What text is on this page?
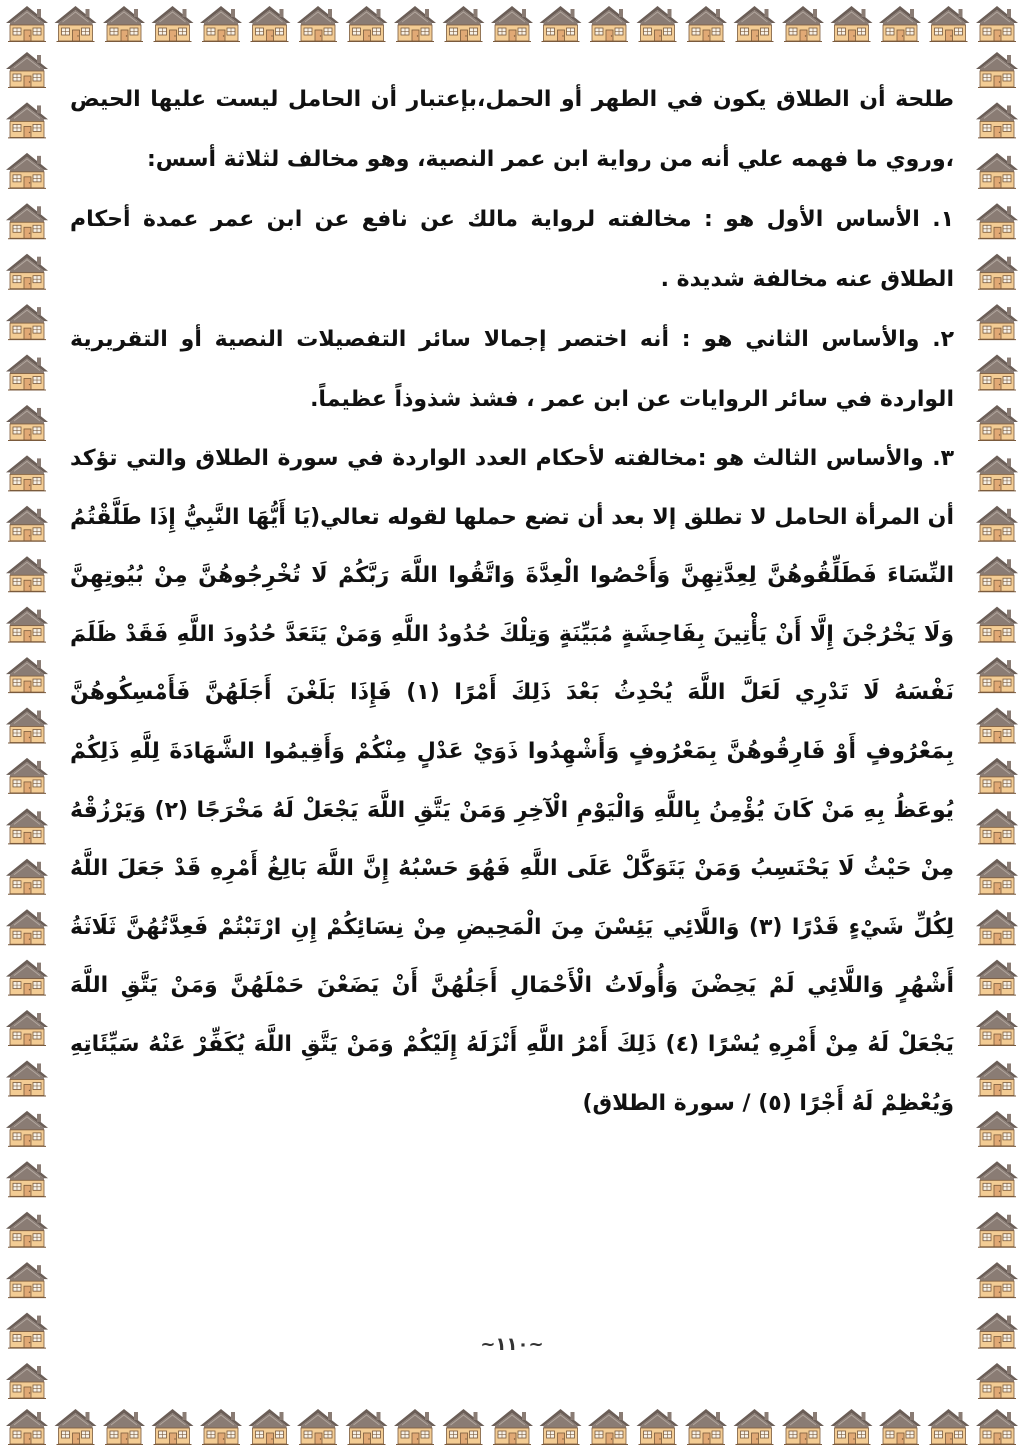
طلحة أن الطلاق يكون في الطهر أو الحمل،بإعتبار أن الحامل ليست عليها الحيض ،وروي ما فهمه علي أنه من رواية ابن عمر النصية، وهو مخالف لثلاثة أسس:

١. الأساس الأول هو : مخالفته لرواية مالك عن نافع عن ابن عمر عمدة أحكام الطلاق عنه مخالفة شديدة .

٢. والأساس الثاني هو : أنه اختصر إجمالا سائر التفصيلات النصية أو التقريرية الواردة في سائر الروايات عن ابن عمر ، فشذ شذوذاً عظيماً.

٣. والأساس الثالث هو :مخالفته لأحكام العدد الواردة في سورة الطلاق والتي تؤكد أن المرأة الحامل لا تطلق إلا بعد أن تضع حملها لقوله تعالي(يَا أَيُّهَا النَّبِيُّ إِذَا طَلَّقْتُمُ النِّسَاءَ فَطَلِّقُوهُنَّ لِعِدَّتِهِنَّ وَأَحْصُوا الْعِدَّةَ وَاتَّقُوا اللَّهَ رَبَّكُمْ لَا تُخْرِجُوهُنَّ مِنْ بُيُوتِهِنَّ وَلَا يَخْرُجْنَ إِلَّا أَنْ يَأْتِينَ بِفَاحِشَةٍ مُبَيِّنَةٍ وَتِلْكَ حُدُودُ اللَّهِ وَمَنْ يَتَعَدَّ حُدُودَ اللَّهِ فَقَدْ ظَلَمَ نَفْسَهُ لَا تَدْرِي لَعَلَّ اللَّهَ يُحْدِثُ بَعْدَ ذَلِكَ أَمْرًا (١) فَإِذَا بَلَغْنَ أَجَلَهُنَّ فَأَمْسِكُوهُنَّ بِمَعْرُوفٍ أَوْ فَارِقُوهُنَّ بِمَعْرُوفٍ وَأَشْهِدُوا ذَوَيْ عَدْلٍ مِنْكُمْ وَأَقِيمُوا الشَّهَادَةَ لِلَّهِ ذَلِكُمْ يُوعَظُ بِهِ مَنْ كَانَ يُؤْمِنُ بِاللَّهِ وَالْيَوْمِ الْآخِرِ وَمَنْ يَتَّقِ اللَّهَ يَجْعَلْ لَهُ مَخْرَجًا (٢) وَيَرْزُقْهُ مِنْ حَيْثُ لَا يَحْتَسِبُ وَمَنْ يَتَوَكَّلْ عَلَى اللَّهِ فَهُوَ حَسْبُهُ إِنَّ اللَّهَ بَالِغُ أَمْرِهِ قَدْ جَعَلَ اللَّهُ لِكُلِّ شَيْءٍ قَدْرًا (٣) وَاللَّائِي يَئِسْنَ مِنَ الْمَحِيضِ مِنْ نِسَائِكُمْ إِنِ ارْتَبْتُمْ فَعِدَّتُهُنَّ ثَلَاثَةُ أَشْهُرٍ وَاللَّائِي لَمْ يَحِضْنَ وَأُولَاتُ الْأَحْمَالِ أَجَلُهُنَّ أَنْ يَضَعْنَ حَمْلَهُنَّ وَمَنْ يَتَّقِ اللَّهَ يَجْعَلْ لَهُ مِنْ أَمْرِهِ يُسْرًا (٤) ذَلِكَ أَمْرُ اللَّهِ أَنْزَلَهُ إِلَيْكُمْ وَمَنْ يَتَّقِ اللَّهَ يُكَفِّرْ عَنْهُ سَيِّئَاتِهِ وَيُعْظِمْ لَهُ أَجْرًا (٥) / سورة الطلاق)

~١١٠~
